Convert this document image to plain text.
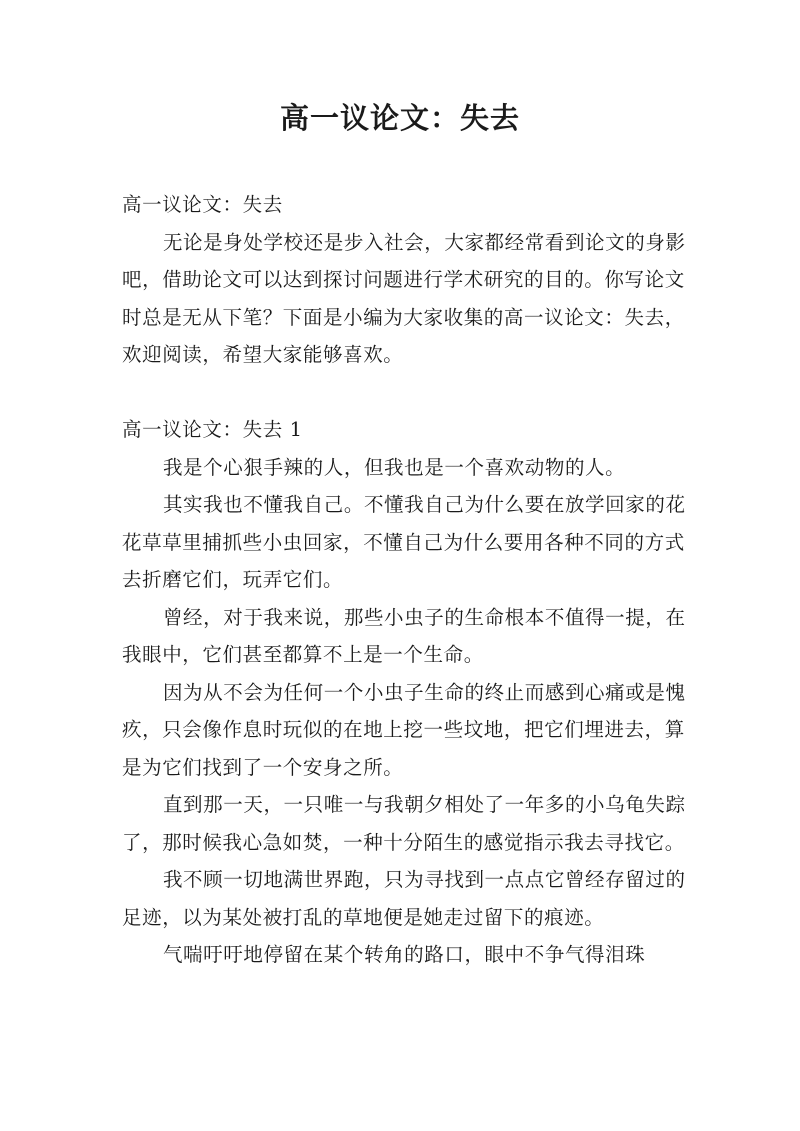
高一议论文：失去

高一议论文：失去

无论是身处学校还是步入社会，大家都经常看到论文的身影吧，借助论文可以达到探讨问题进行学术研究的目的。你写论文时总是无从下笔？下面是小编为大家收集的高一议论文：失去，欢迎阅读，希望大家能够喜欢。

高一议论文：失去 1

我是个心狠手辣的人，但我也是一个喜欢动物的人。

其实我也不懂我自己。不懂我自己为什么要在放学回家的花花草草里捕抓些小虫回家，不懂自己为什么要用各种不同的方式去折磨它们，玩弄它们。

曾经，对于我来说，那些小虫子的生命根本不值得一提，在我眼中，它们甚至都算不上是一个生命。

因为从不会为任何一个小虫子生命的终止而感到心痛或是愧疚，只会像作息时玩似的在地上挖一些坟地，把它们埋进去，算是为它们找到了一个安身之所。

直到那一天，一只唯一与我朝夕相处了一年多的小乌龟失踪了，那时候我心急如焚，一种十分陌生的感觉指示我去寻找它。

我不顾一切地满世界跑，只为寻找到一点点它曾经存留过的足迹，以为某处被打乱的草地便是她走过留下的痕迹。

气喘吁吁地停留在某个转角的路口，眼中不争气得泪珠
